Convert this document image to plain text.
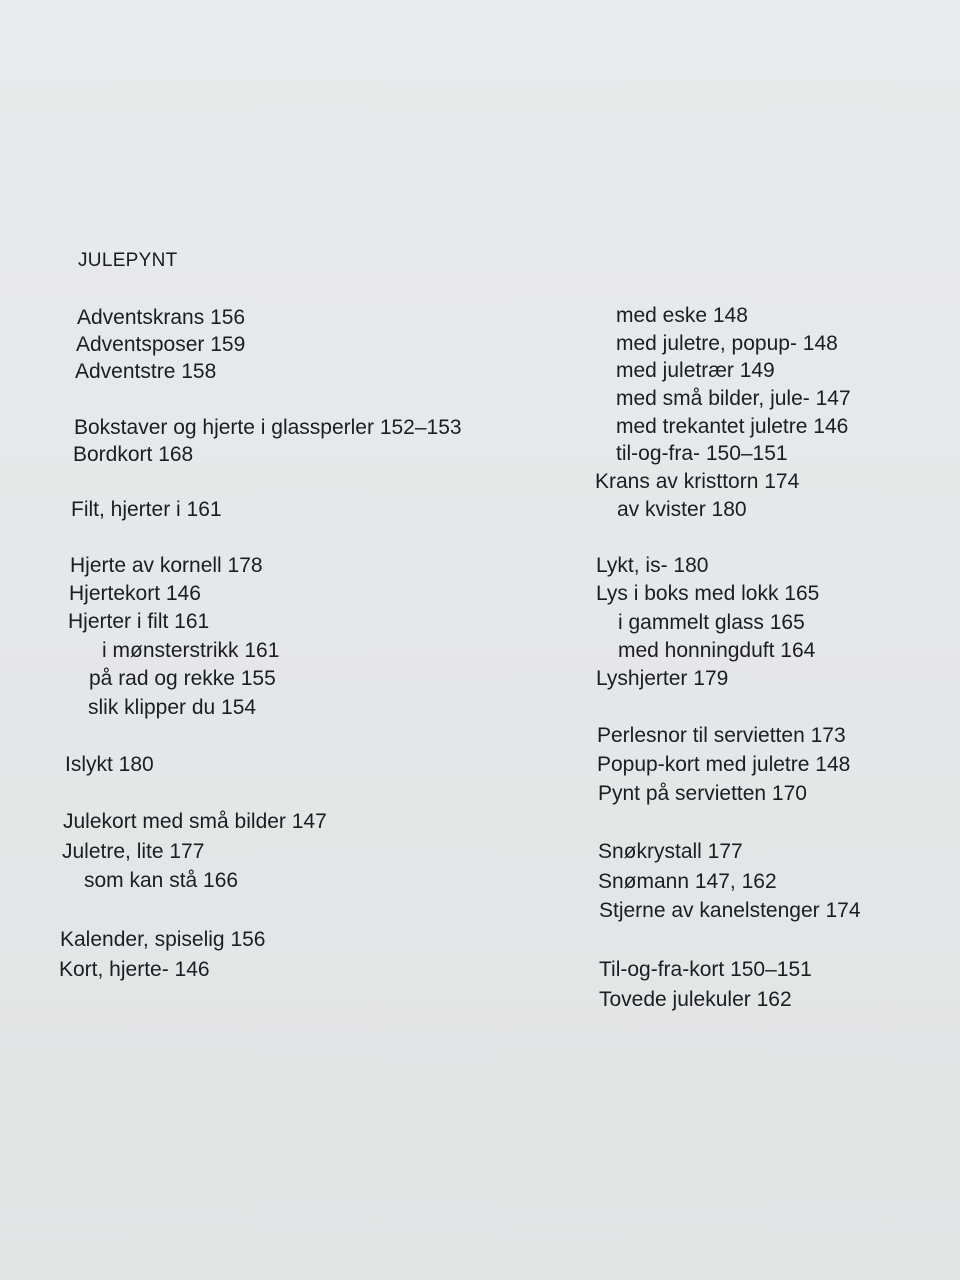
JULEPYNT
Adventskrans 156
Adventsposer 159
Adventstre 158
Bokstaver og hjerte i glassperler 152–153
Bordkort 168
Filt, hjerter i 161
Hjerte av kornell 178
Hjertekort 146
Hjerter i filt 161
i mønsterstrikk 161
på rad og rekke 155
slik klipper du 154
Islykt 180
Julekort med små bilder 147
Juletre, lite 177
som kan stå 166
Kalender, spiselig 156
Kort, hjerte- 146
med eske 148
med juletre, popup- 148
med juletrær 149
med små bilder, jule- 147
med trekantet juletre 146
til-og-fra- 150–151
Krans av kristtorn 174
av kvister 180
Lykt, is- 180
Lys i boks med lokk 165
i gammelt glass 165
med honningduft 164
Lyshjerter 179
Perlesnor til servietten 173
Popup-kort med juletre 148
Pynt på servietten 170
Snøkrystall 177
Snømann 147, 162
Stjerne av kanelstenger 174
Til-og-fra-kort 150–151
Tovede julekuler 162
